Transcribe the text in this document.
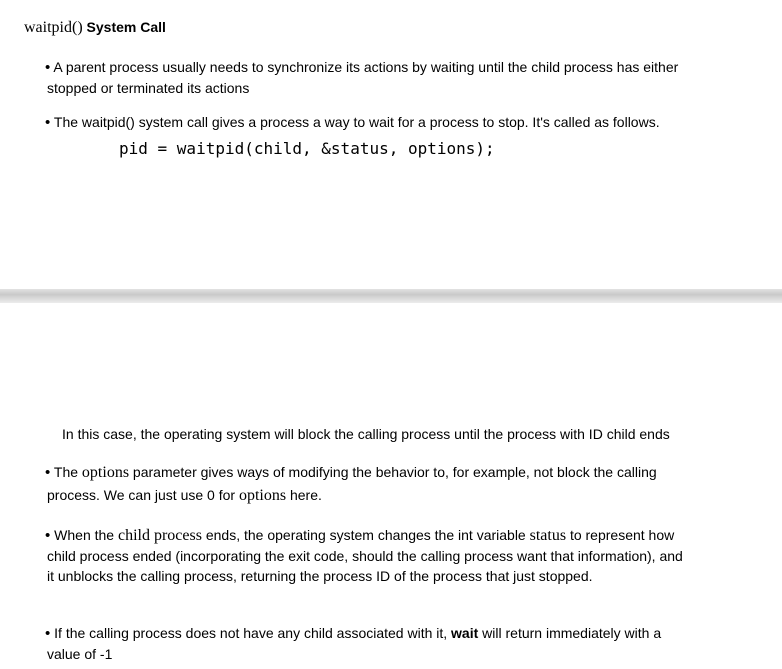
waitpid() System Call
• A parent process usually needs to synchronize its actions by waiting until the child process has either
stopped or terminated its actions
• The waitpid() system call gives a process a way to wait for a process to stop. It's called as follows.
pid = waitpid(child, &status, options);
In this case, the operating system will block the calling process until the process with ID child ends
• The options parameter gives ways of modifying the behavior to, for example, not block the calling
process. We can just use 0 for options here.
• When the child process ends, the operating system changes the int variable status to represent how
child process ended (incorporating the exit code, should the calling process want that information), and
it unblocks the calling process, returning the process ID of the process that just stopped.
• If the calling process does not have any child associated with it, wait will return immediately with a
value of -1
